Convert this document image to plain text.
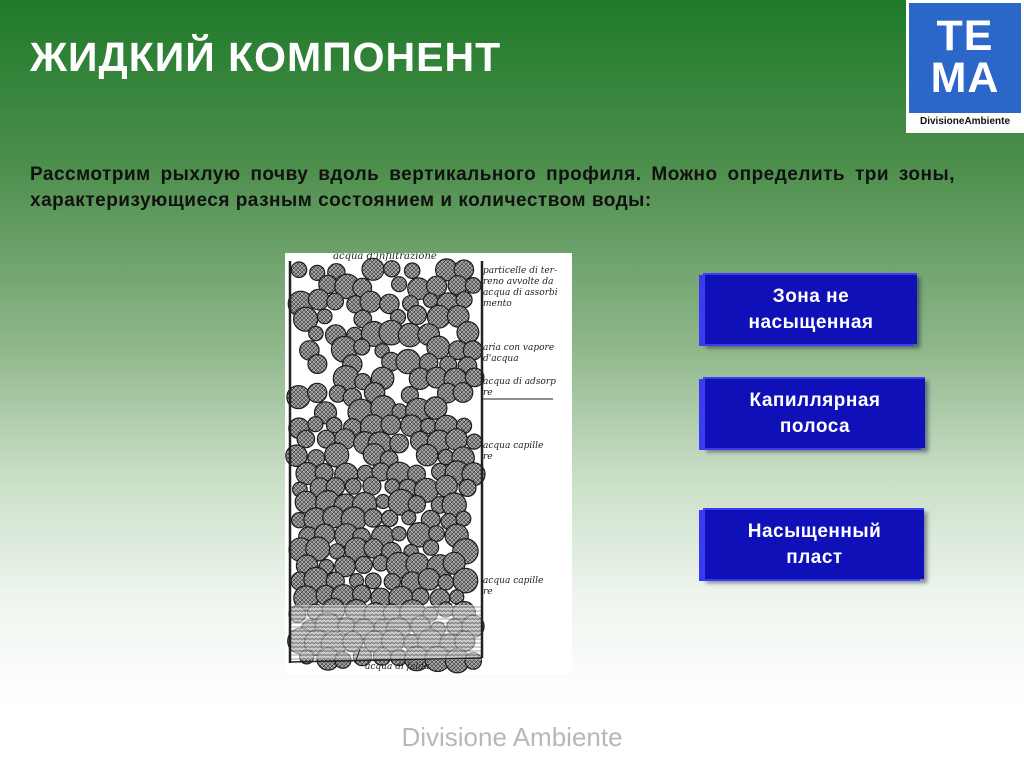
ЖИДКИЙ КОМПОНЕНТ	TE
MA
DivisioneAmbiente
Рассмотрим рыхлую почву вдоль вертикального профиля. Можно определить три зоны, характеризующиеся разным состоянием и количеством воды:
acqua d'infiltrazione
particelle di ter-
reno avvolte da
acqua di assorbi
mento
aria con vapore
d'acqua
acqua di adsorp
re
acqua capille
re
acqua capille
re
acqua di falda
Зона не
насыщенная
Капиллярная
полоса
Насыщенный
пласт
Divisione Ambiente
